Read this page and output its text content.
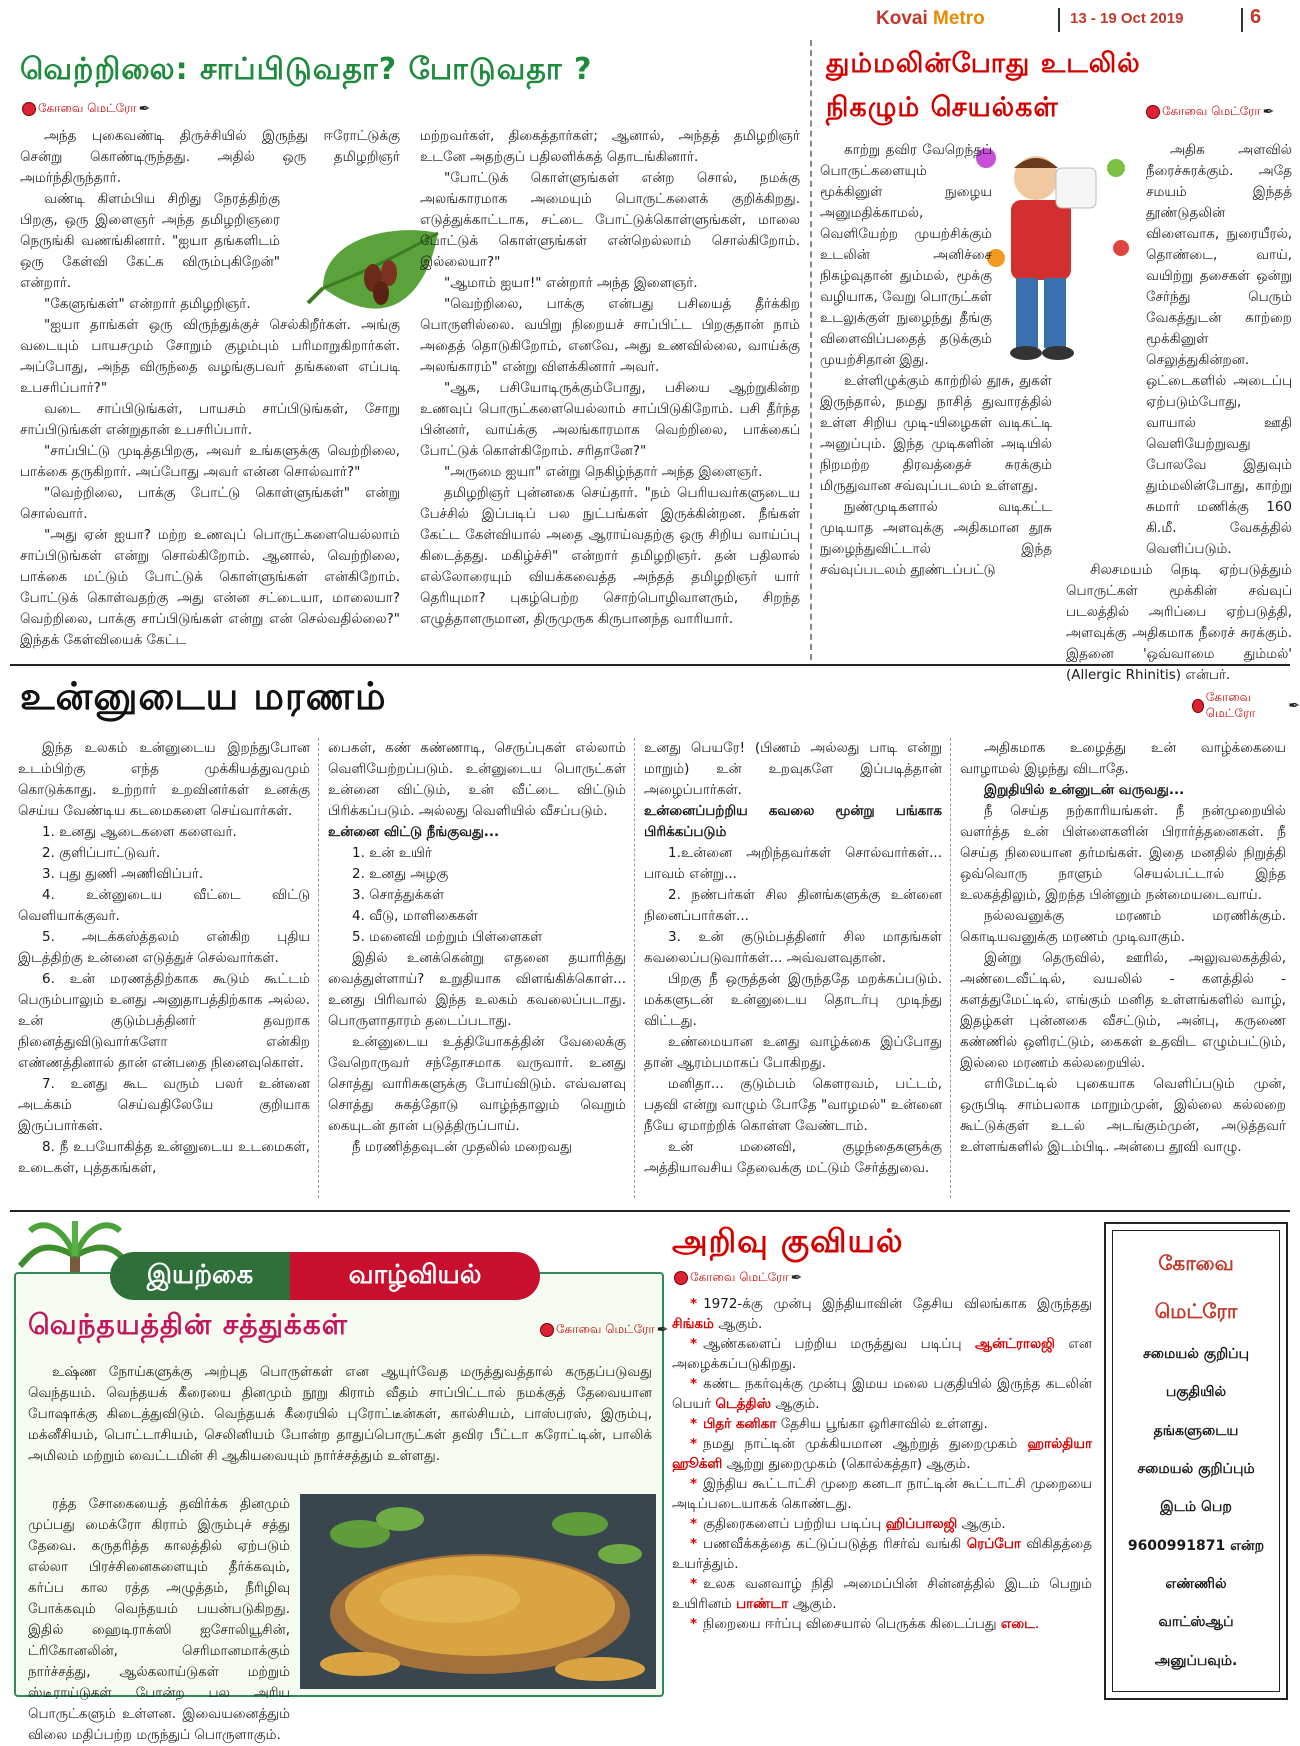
Kovai Metro	13 - 19 Oct 2019	6
வெற்றிலை: சாப்பிடுவதா? போடுவதா ?
கோவை மெட்ரோ ✒

அந்த புகைவண்டி திருச்சியில் இருந்து ஈரோட்டுக்கு சென்று கொண்டிருந்தது. அதில் ஒரு தமிழறிஞர் அமர்ந்திருந்தார்.

வண்டி கிளம்பிய சிறிது நேரத்திற்கு பிறகு, ஒரு இளைஞர் அந்த தமிழறிஞரை நெருங்கி வணங்கினார். "ஐயா தங்களிடம் ஒரு கேள்வி கேட்க விரும்புகிறேன்" என்றார்.

"கேளுங்கள்" என்றார் தமிழறிஞர்.

"ஐயா தாங்கள் ஒரு விருந்துக்குச் செல்கிறீர்கள். அங்கு வடையும் பாயசமும் சோறும் குழம்பும் பரிமாறுகிறார்கள். அப்போது, அந்த விருந்தை வழங்குபவர் தங்களை எப்படி உபசரிப்பார்?"

வடை சாப்பிடுங்கள், பாயசம் சாப்பிடுங்கள், சோறு சாப்பிடுங்கள் என்றுதான் உபசரிப்பார்.

"சாப்பிட்டு முடித்தபிறகு, அவர் உங்களுக்கு வெற்றிலை, பாக்கை தருகிறார். அப்போது அவர் என்ன சொல்வார்?"

"வெற்றிலை, பாக்கு போட்டு கொள்ளுங்கள்" என்று சொல்வார்.

"அது ஏன் ஐயா? மற்ற உணவுப் பொருட்களையெல்லாம் சாப்பிடுங்கள் என்று சொல்கிறோம். ஆனால், வெற்றிலை, பாக்கை மட்டும் போட்டுக் கொள்ளுங்கள் என்கிறோம். போட்டுக் கொள்வதற்கு அது என்ன சட்டையா, மாலையா? வெற்றிலை, பாக்கு சாப்பிடுங்கள் என்று என் செல்வதில்லை?" இந்தக் கேள்வியைக் கேட்ட

மற்றவர்கள், திகைத்தார்கள்; ஆனால், அந்தத் தமிழறிஞர் உடனே அதற்குப் பதிலளிக்கத் தொடங்கினார்.

"போட்டுக் கொள்ளுங்கள் என்ற சொல், நமக்கு அலங்காரமாக அமையும் பொருட்களைக் குறிக்கிறது. எடுத்துக்காட்டாக, சட்டை போட்டுக்கொள்ளுங்கள், மாலை போட்டுக் கொள்ளுங்கள் என்றெல்லாம் சொல்கிறோம். இல்லையா?"

"ஆமாம் ஐயா!" என்றார் அந்த இளைஞர்.

"வெற்றிலை, பாக்கு என்பது பசியைத் தீர்க்கிற பொருளில்லை. வயிறு நிறையச் சாப்பிட்ட பிறகுதான் நாம் அதைத் தொடுகிறோம், எனவே, அது உணவில்லை, வாய்க்கு அலங்காரம்" என்று விளக்கினார் அவர்.

"ஆக, பசியோடிருக்கும்போது, பசியை ஆற்றுகின்ற உணவுப் பொருட்களையெல்லாம் சாப்பிடுகிறோம். பசி தீர்ந்த பின்னர், வாய்க்கு அலங்காரமாக வெற்றிலை, பாக்கைப் போட்டுக் கொள்கிறோம். சரிதானே?"

"அருமை ஐயா" என்று நெகிழ்ந்தார் அந்த இளைஞர்.

தமிழறிஞர் புன்னகை செய்தார். "நம் பெரியவர்களுடைய பேச்சில் இப்படிப் பல நுட்பங்கள் இருக்கின்றன. நீங்கள் கேட்ட கேள்வியால் அதை ஆராய்வதற்கு ஒரு சிறிய வாய்ப்பு கிடைத்தது. மகிழ்ச்சி" என்றார் தமிழறிஞர். தன் பதிலால் எல்லோரையும் வியக்கவைத்த அந்தத் தமிழறிஞர் யார் தெரியுமா? புகழ்பெற்ற சொற்பொழிவாளரும், சிறந்த எழுத்தாளருமான, திருமுருக கிருபானந்த வாரியார்.

தும்மலின்போது உடலில்
நிகழும் செயல்கள்	கோவை மெட்ரோ ✒

காற்று தவிர வேறெந்தப் பொருட்களையும் மூக்கினுள் நுழைய அனுமதிக்காமல், வெளியேற்ற முயற்சிக்கும் உடலின் அனிச்சை நிகழ்வுதான் தும்மல், மூக்கு வழியாக, வேறு பொருட்கள் உடலுக்குள் நுழைந்து தீங்கு விளைவிப்பதைத் தடுக்கும் முயற்சிதான் இது.

உள்ளிழுக்கும் காற்றில் தூசு, துகள் இருந்தால், நமது நாசித் துவாரத்தில் உள்ள சிறிய முடி-யிழைகள் வடிகட்டி அனுப்பும். இந்த முடிகளின் அடியில் நிறமற்ற திரவத்தைச் சுரக்கும் மிருதுவான சவ்வுப்படலம் உள்ளது.

நுண்முடிகளால் வடிகட்ட முடியாத அளவுக்கு அதிகமான தூசு நுழைந்துவிட்டால் இந்த சவ்வுப்படலம் தூண்டப்பட்டு

அதிக அளவில் நீரைச்சுரக்கும். அதே சமயம் இந்தத் தூண்டுதலின் விளைவாக, நுரையீரல், தொண்டை, வாய், வயிற்று தசைகள் ஒன்று சேர்ந்து பெரும் வேகத்துடன் காற்றை மூக்கினுள் செலுத்துகின்றன. ஒட்டைகளில் அடைப்பு ஏற்படும்போது, வாயால் ஊதி வெளியேற்றுவது போலவே இதுவும் தும்மலின்போது, காற்று சுமார் மணிக்கு 160 கி.மீ. வேகத்தில் வெளிப்படும்.

சிலசமயம் நெடி ஏற்படுத்தும் பொருட்கள் மூக்கின் சவ்வுப் படலத்தில் அரிப்பை ஏற்படுத்தி, அளவுக்கு அதிகமாக நீரைச் சுரக்கும். இதனை 'ஒவ்வாமை தும்மல்' (Allergic Rhinitis) என்பர்.

உன்னுடைய மரணம்	கோவை மெட்ரோ	✒

இந்த உலகம் உன்னுடைய இறந்துபோன உடம்பிற்கு எந்த முக்கியத்துவமும் கொடுக்காது. உற்றார் உறவினர்கள் உனக்கு செய்ய வேண்டிய கடமைகளை செய்வார்கள்.

1. உனது ஆடைகளை களைவர்.

2. குளிப்பாட்டுவர்.

3. புது துணி அணிவிப்பர்.

4. உன்னுடைய வீட்டை விட்டு வெளியாக்குவர்.

5. அடக்கஸ்த்தலம் என்கிற புதிய இடத்திற்கு உன்னை எடுத்துச் செல்வார்கள்.

6. உன் மரணத்திற்காக கூடும் கூட்டம் பெரும்பாலும் உனது அனுதாபத்திற்காக அல்ல. உன் குடும்பத்தினர் தவறாக நினைத்துவிடுவார்களோ என்கிற எண்ணத்தினால் தான் என்பதை நினைவுகொள்.

7. உனது கூட வரும் பலர் உன்னை அடக்கம் செய்வதிலேயே குறியாக இருப்பார்கள்.

8. நீ உபயோகித்த உன்னுடைய உடமைகள், உடைகள், புத்தகங்கள்,

பைகள், கண் கண்ணாடி, செருப்புகள் எல்லாம் வெளியேற்றப்படும். உன்னுடைய பொருட்கள் உன்னை விட்டும், உன் வீட்டை விட்டும் பிரிக்கப்படும். அல்லது வெளியில் வீசப்படும்.

உன்னை விட்டு நீங்குவது...

1. உன் உயிர்

2. உனது அழகு

3. சொத்துக்கள்

4. வீடு, மாளிகைகள்

5. மனைவி மற்றும் பிள்ளைகள்

இதில் உனக்கென்று எதனை தயாரித்து வைத்துள்ளாய்? உறுதியாக விளங்கிக்கொள்... உனது பிரிவால் இந்த உலகம் கவலைப்படாது. பொருளாதாரம் தடைப்படாது.

உன்னுடைய உத்தியோகத்தின் வேலைக்கு வேறொருவர் சந்தோசமாக வருவார். உனது சொத்து வாரிசுகளுக்கு போய்விடும். எவ்வளவு சொத்து சுகத்தோடு வாழ்ந்தாலும் வெறும் கையுடன் தான் படுத்திருப்பாய்.

நீ மரணித்தவுடன் முதலில் மறைவது

உனது பெயரே! (பிணம் அல்லது பாடி என்று மாறும்) உன் உறவுகளே இப்படித்தான் அழைப்பார்கள்.

உன்னைப்பற்றிய கவலை மூன்று பங்காக பிரிக்கப்படும்

1.உன்னை அறிந்தவர்கள் சொல்வார்கள்... பாவம் என்று...

2. நண்பர்கள் சில தினங்களுக்கு உன்னை நினைப்பார்கள்...

3. உன் குடும்பத்தினர் சில மாதங்கள் கவலைப்படுவார்கள்... அவ்வளவுதான்.

பிறகு நீ ஒருத்தன் இருந்ததே மறக்கப்படும். மக்களுடன் உன்னுடைய தொடர்பு முடிந்து விட்டது.

உண்மையான உனது வாழ்க்கை இப்போது தான் ஆரம்பமாகப் போகிறது.

மனிதா... குடும்பம் கௌரவம், பட்டம், பதவி என்று வாழும் போதே "வாழமல்" உன்னை நீயே ஏமாற்றிக் கொள்ள வேண்டாம்.

உன் மனைவி, குழந்தைகளுக்கு அத்தியாவசிய தேவைக்கு மட்டும் சேர்த்துவை.

அதிகமாக உழைத்து உன் வாழ்க்கையை வாழாமல் இழந்து விடாதே.

இறுதியில் உன்னுடன் வருவது...

நீ செய்த நற்காரியங்கள். நீ நன்முறையில் வளர்த்த உன் பிள்ளைகளின் பிரார்த்தனைகள். நீ செய்த நிலையான தர்மங்கள். இதை மனதில் நிறுத்தி ஒவ்வொரு நாளும் செயல்பட்டால் இந்த உலகத்திலும், இறந்த பின்னும் நன்மையடைவாய்.

நல்லவனுக்கு மரணம் மரணிக்கும். கொடியவனுக்கு மரணம் முடிவாகும்.

இன்று தெருவில், ஊரில், அலுவலகத்தில், அண்டைவீட்டில், வயலில் - களத்தில் - களத்துமேட்டில், எங்கும் மனித உள்ளங்களில் வாழ், இதழ்கள் புன்னகை வீசட்டும், அன்பு, கருணை கண்ணில் ஒளிரட்டும், கைகள் உதவிட எழும்பட்டும், இல்லை மரணம் கல்லறையில்.

எரிமேட்டில் புகையாக வெளிப்படும் முன், ஒருபிடி சாம்பலாக மாறும்முன், இல்லை கல்லறை கூட்டுக்குள் உடல் அடங்கும்முன், அடுத்தவர் உள்ளங்களில் இடம்பிடி. அன்பை தூவி வாழு.

இயற்கை	வாழ்வியல்
வெந்தயத்தின் சத்துக்கள்	கோவை மெட்ரோ ✒
உஷ்ண நோய்களுக்கு அற்புத பொருள்கள் என ஆயுர்வேத மருத்துவத்தால் கருதப்படுவது வெந்தயம். வெந்தயக் கீரையை தினமும் நூறு கிராம் வீதம் சாப்பிட்டால் நமக்குத் தேவையான போஷாக்கு கிடைத்துவிடும். வெந்தயக் கீரையில் புரோட்டீன்கள், கால்சியம், பாஸ்பரஸ், இரும்பு, மக்னீசியம், பொட்டாசியம், செலினியம் போன்ற தாதுப்பொருட்கள் தவிர பீட்டா கரோட்டின், பாலிக் அமிலம் மற்றும் வைட்டமின் சி ஆகியவையும் நார்ச்சத்தும் உள்ளது.
ரத்த சோகையைத் தவிர்க்க தினமும் முப்பது மைக்ரோ கிராம் இரும்புச் சத்து தேவை. கருதரித்த காலத்தில் ஏற்படும் எல்லா பிரச்சினைகளையும் தீர்க்கவும், கர்ப்ப கால ரத்த அழுத்தம், நீரிழிவு போக்கவும் வெந்தயம் பயன்படுகிறது. இதில் ஹைடிராக்ஸி ஐசோலியூசின், ட்ரிகோனலின், செரிமானமாக்கும் நார்ச்சத்து, ஆல்கலாய்டுகள் மற்றும் ஸ்டீராய்டுகள் போன்ற பல அரிய பொருட்களும் உள்ளன. இவையனைத்தும் விலை மதிப்பற்ற மருந்துப் பொருளாகும்.
அறிவு குவியல்
கோவை மெட்ரோ ✒

* 1972-க்கு முன்பு இந்தியாவின் தேசிய விலங்காக இருந்தது சிங்கம் ஆகும்.

* ஆண்களைப் பற்றிய மருத்துவ படிப்பு ஆன்ட்ராலஜி என அழைக்கப்படுகிறது.

* கண்ட நகர்வுக்கு முன்பு இமய மலை பகுதியில் இருந்த கடலின் பெயர் டெத்திஸ் ஆகும்.

* பிதர் கனிகா தேசிய பூங்கா ஒரிசாவில் உள்ளது.

* நமது நாட்டின் முக்கியமான ஆற்றுத் துறைமுகம் ஹால்தியா ஹூக்ளி ஆற்று துறைமுகம் (கொல்கத்தா) ஆகும்.

* இந்திய கூட்டாட்சி முறை கனடா நாட்டின் கூட்டாட்சி முறையை அடிப்படையாகக் கொண்டது.

* குதிரைகளைப் பற்றிய படிப்பு ஹிப்பாலஜி ஆகும்.

* பணவீக்கத்தை கட்டுப்படுத்த ரிசர்வ் வங்கி ரெப்போ விகிதத்தை உயர்த்தும்.

* உலக வனவாழ் நிதி அமைப்பின் சின்னத்தில் இடம் பெறும் உயிரினம் பாண்டா ஆகும்.

* நிறையை ஈர்ப்பு விசையால் பெருக்க கிடைப்பது எடை.

கோவை
மெட்ரோ
சமையல் குறிப்பு
பகுதியில்
தங்களுடைய
சமையல் குறிப்பும்
இடம் பெற
9600991871 என்ற
எண்ணில்
வாட்ஸ்ஆப்
அனுப்பவும்.
